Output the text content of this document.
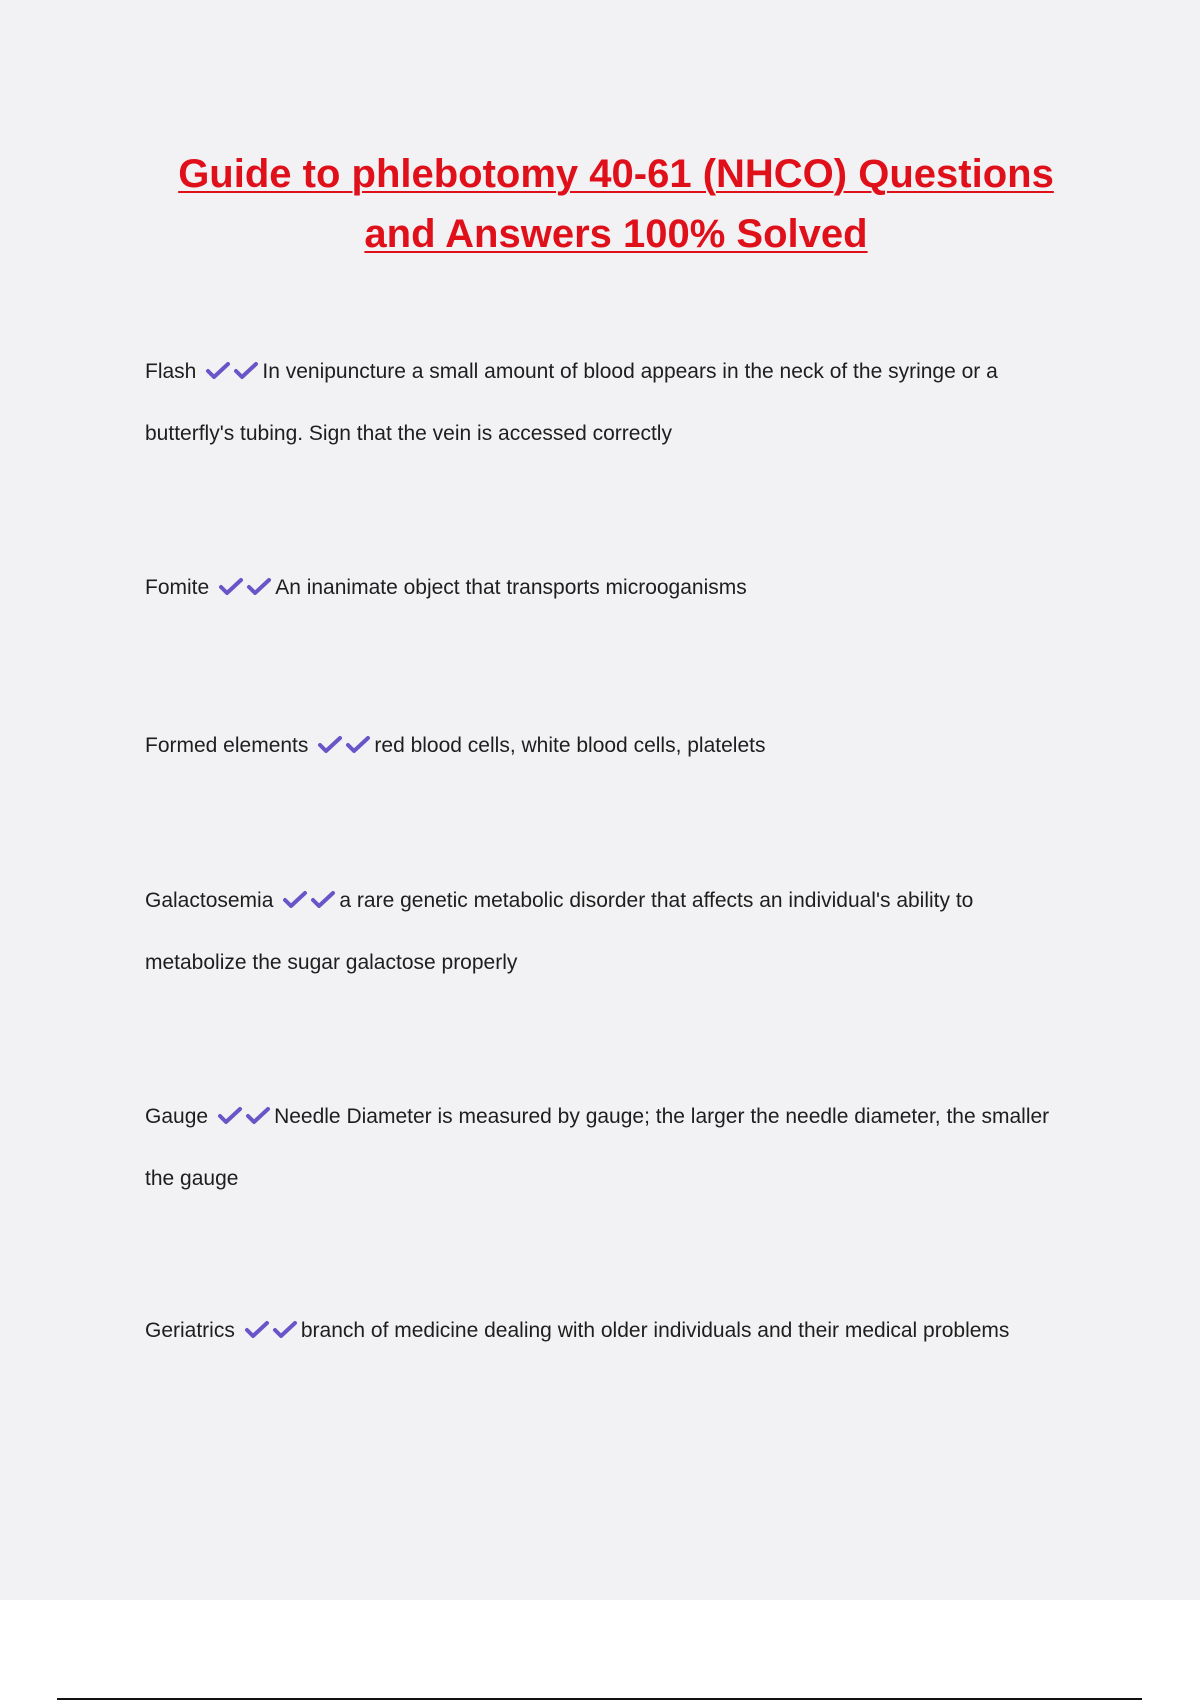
Guide to phlebotomy 40-61 (NHCO) Questions and Answers 100% Solved

Flash	In venipuncture a small amount of blood appears in the neck of the syringe or a butterfly's tubing. Sign that the vein is accessed correctly

Fomite	An inanimate object that transports microoganisms

Formed elements	red blood cells, white blood cells, platelets

Galactosemia	a rare genetic metabolic disorder that affects an individual's ability to metabolize the sugar galactose properly

Gauge	Needle Diameter is measured by gauge; the larger the needle diameter, the smaller the gauge

Geriatrics	branch of medicine dealing with older individuals and their medical problems
